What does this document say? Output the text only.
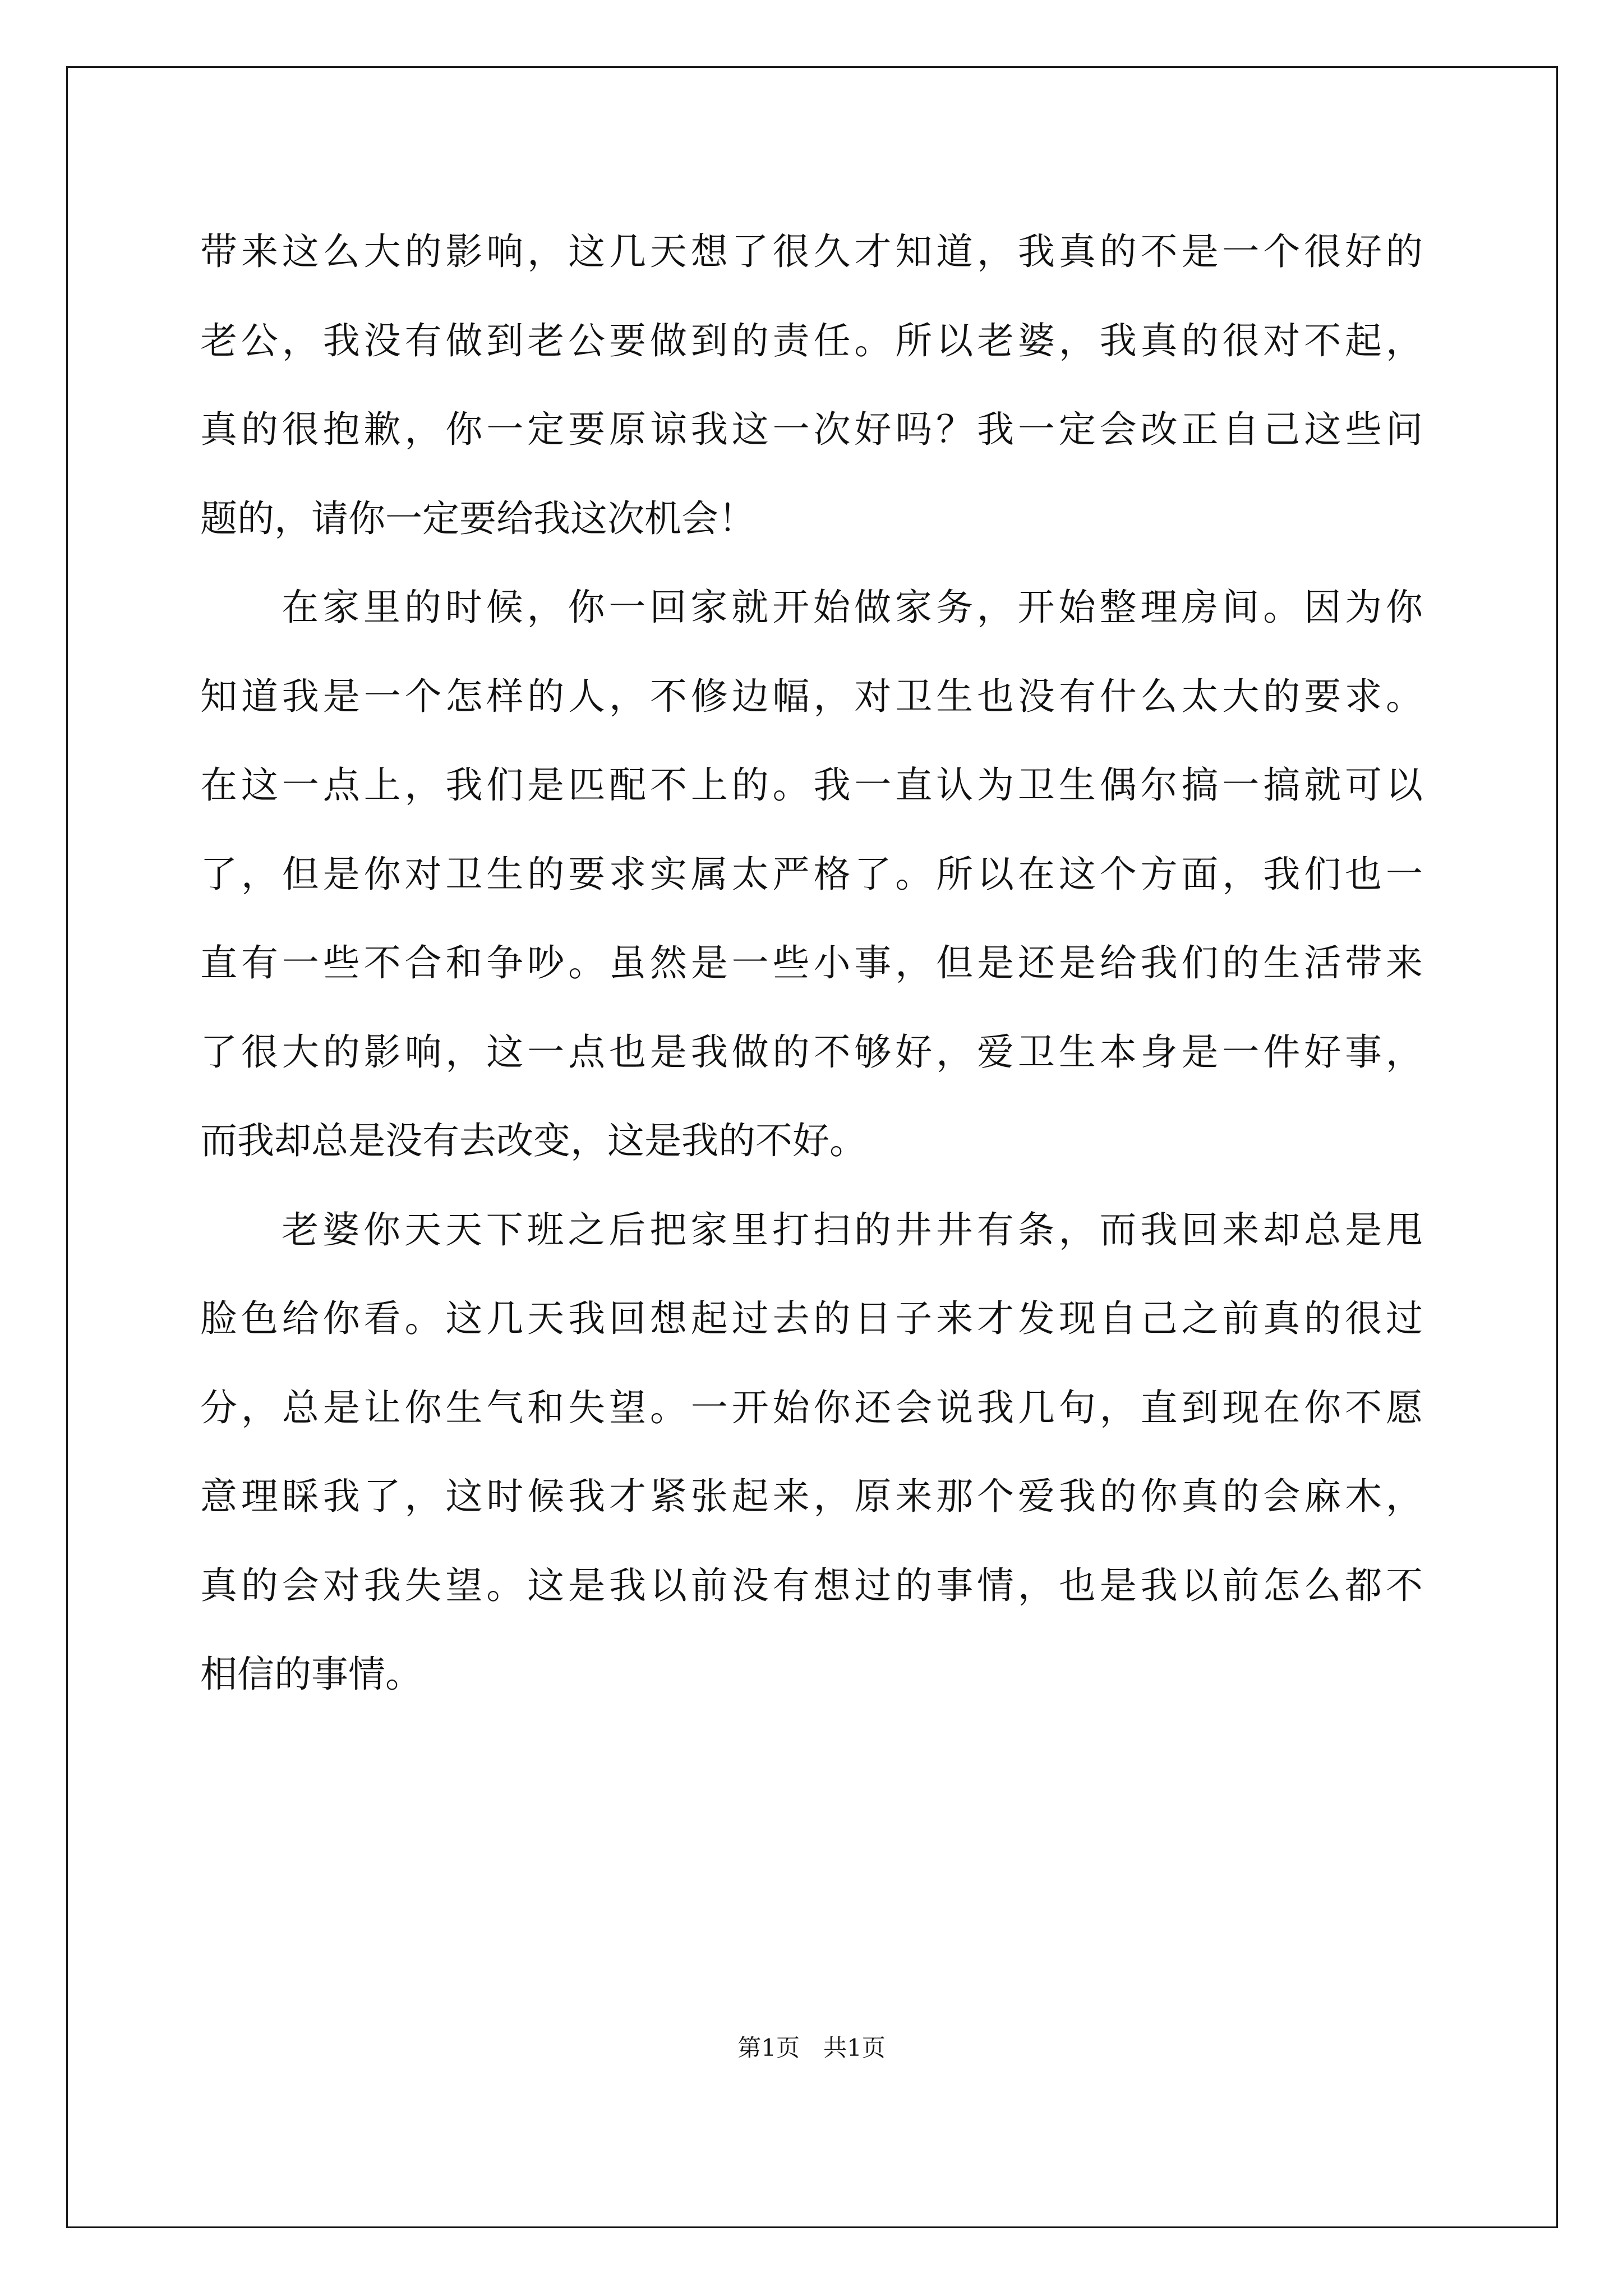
带来这么大的影响，这几天想了很久才知道，我真的不是一个很好的
老公，我没有做到老公要做到的责任。所以老婆，我真的很对不起，
真的很抱歉，你一定要原谅我这一次好吗？我一定会改正自己这些问
题的，请你一定要给我这次机会！
在家里的时候，你一回家就开始做家务，开始整理房间。因为你
知道我是一个怎样的人，不修边幅，对卫生也没有什么太大的要求。
在这一点上，我们是匹配不上的。我一直认为卫生偶尔搞一搞就可以
了，但是你对卫生的要求实属太严格了。所以在这个方面，我们也一
直有一些不合和争吵。虽然是一些小事，但是还是给我们的生活带来
了很大的影响，这一点也是我做的不够好，爱卫生本身是一件好事，
而我却总是没有去改变，这是我的不好。
老婆你天天下班之后把家里打扫的井井有条，而我回来却总是甩
脸色给你看。这几天我回想起过去的日子来才发现自己之前真的很过
分，总是让你生气和失望。一开始你还会说我几句，直到现在你不愿
意理睬我了，这时候我才紧张起来，原来那个爱我的你真的会麻木，
真的会对我失望。这是我以前没有想过的事情，也是我以前怎么都不
相信的事情。
第1页　共1页
